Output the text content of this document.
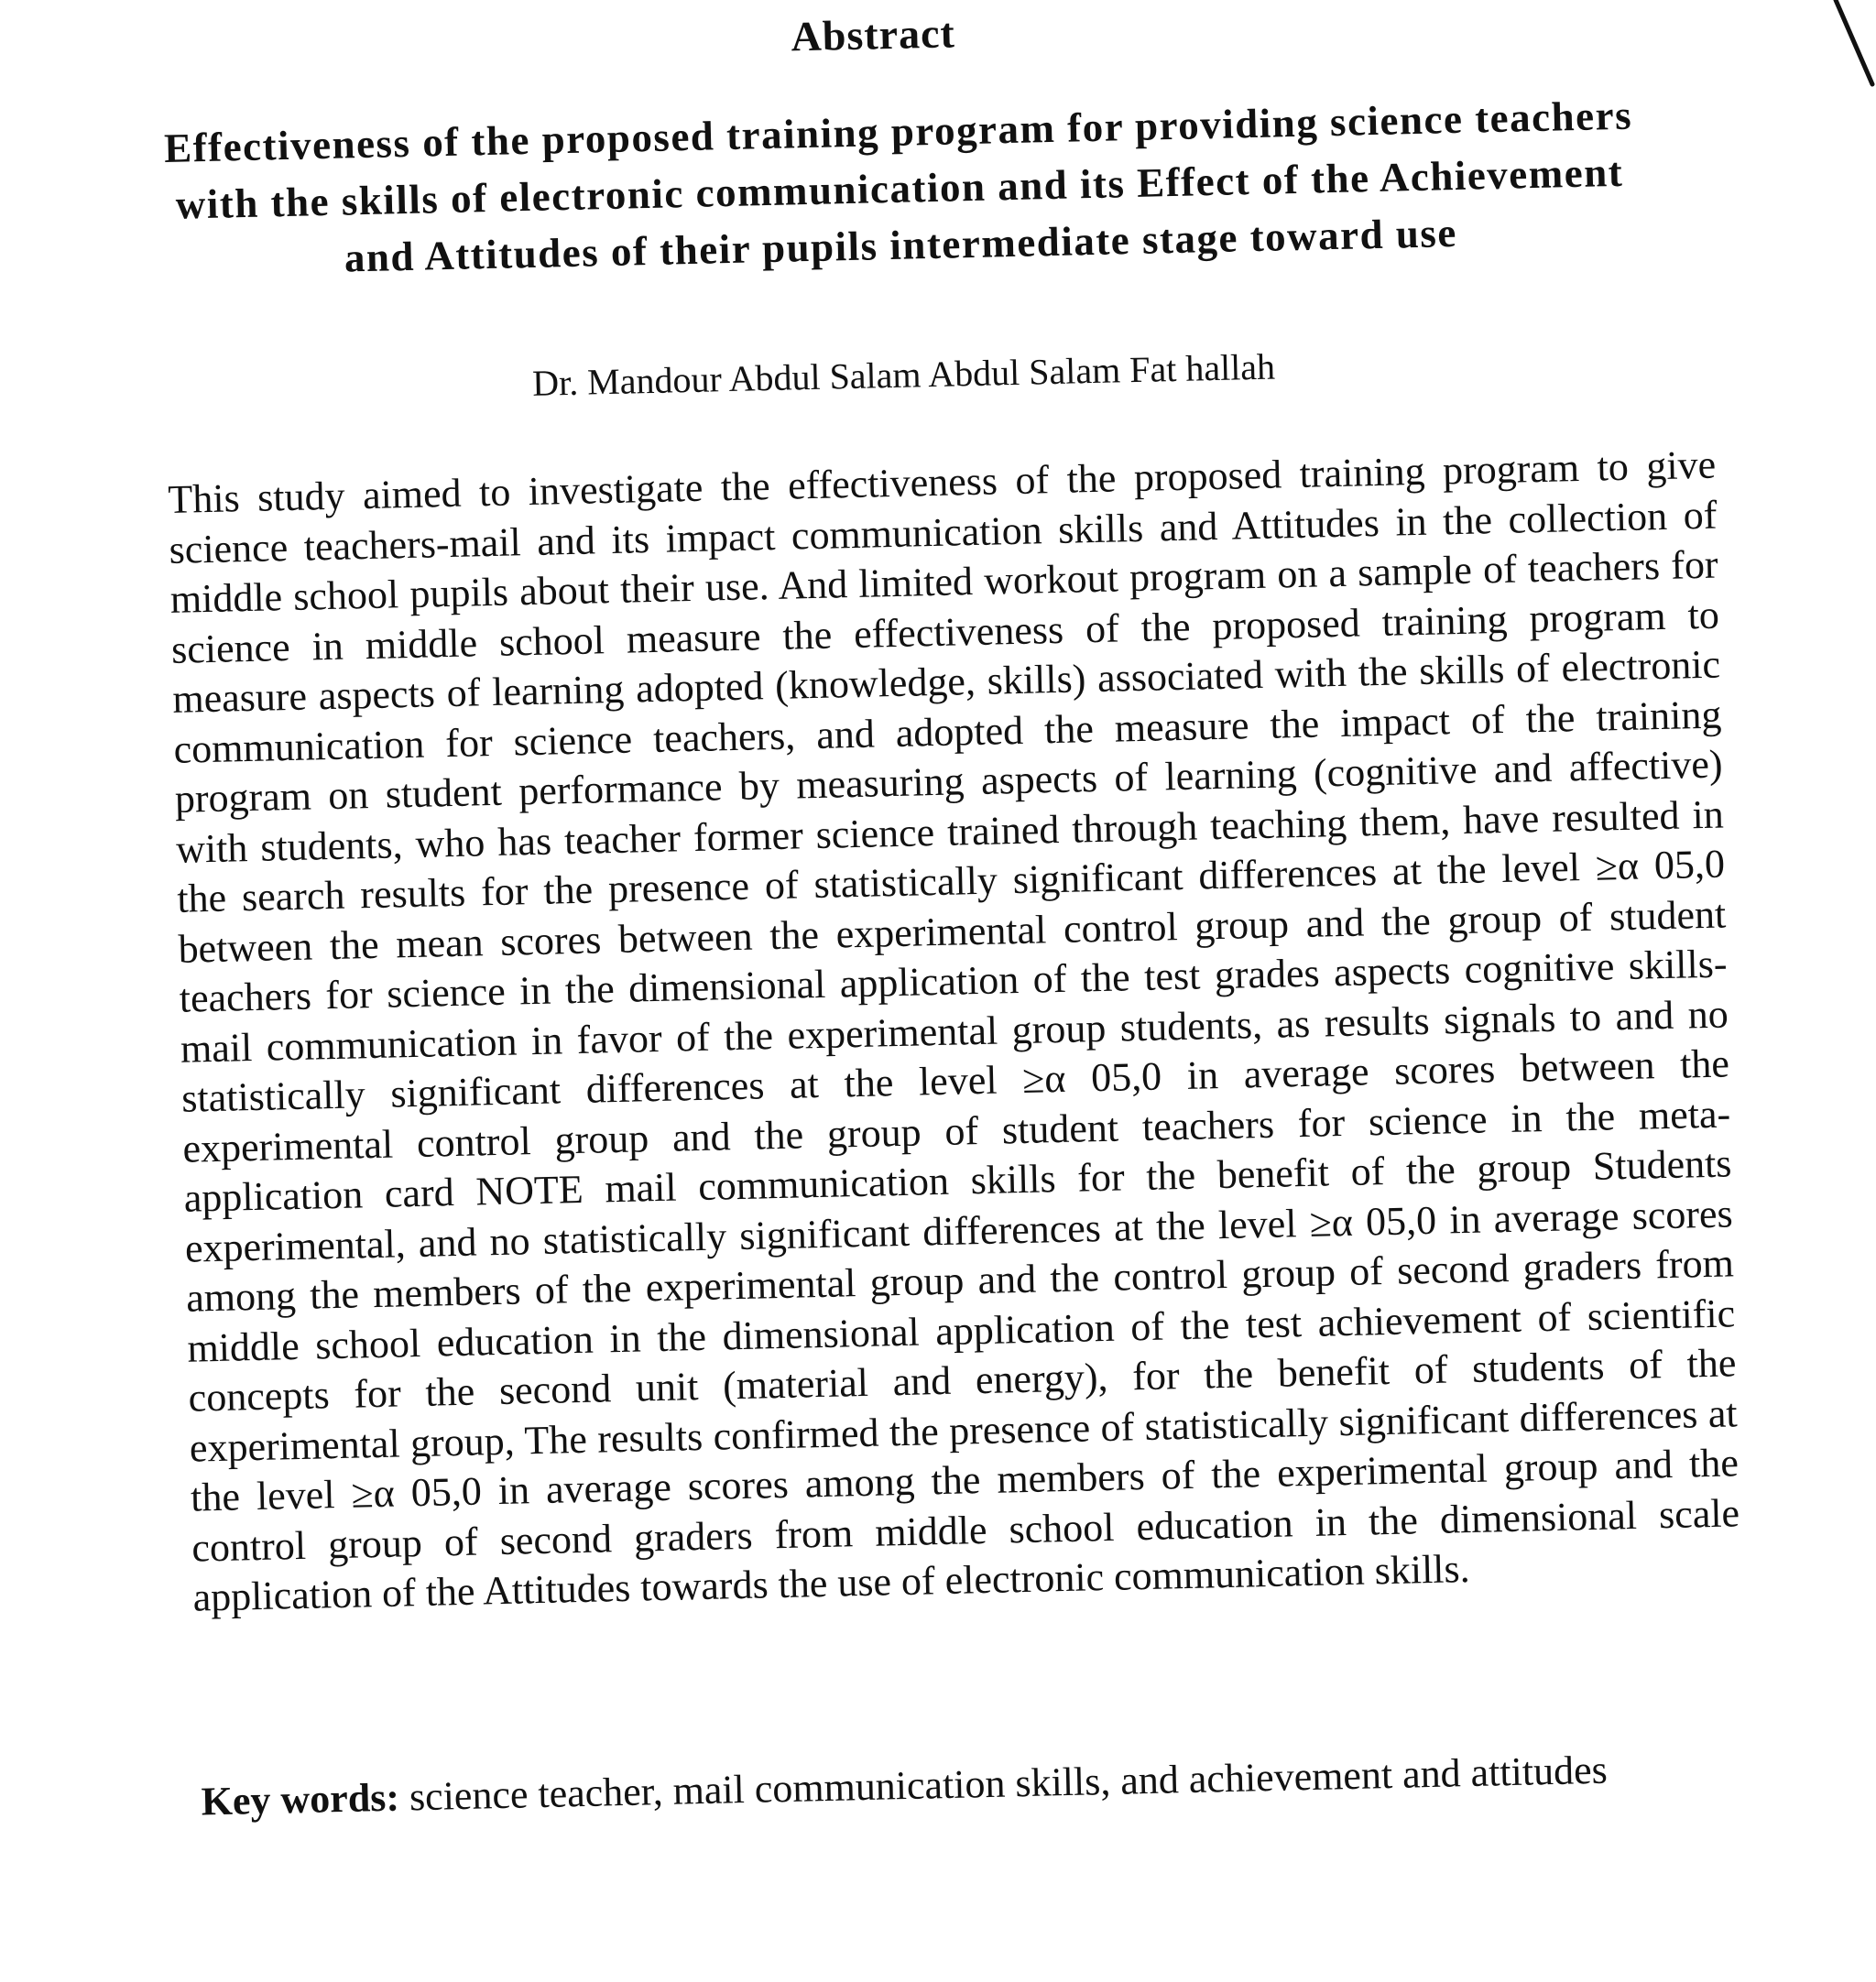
Abstract
Effectiveness of the proposed training program for providing science teachers with the skills of electronic communication and its Effect of the Achievement and Attitudes of their pupils intermediate stage toward use
Dr. Mandour Abdul Salam Abdul Salam Fat hallah
This study aimed to investigate the effectiveness of the proposed training program to give science teachers-mail and its impact communication skills and Attitudes in the collection of middle school pupils about their use. And limited workout program on a sample of teachers for science in middle school measure the effectiveness of the proposed training program to measure aspects of learning adopted (knowledge, skills) associated with the skills of electronic communication for science teachers, and adopted the measure the impact of the training program on student performance by measuring aspects of learning (cognitive and affective) with students, who has teacher former science trained through teaching them, have resulted in the search results for the presence of statistically significant differences at the level ≥α 05,0 between the mean scores between the experimental control group and the group of student teachers for science in the dimensional application of the test grades aspects cognitive skills-mail communication in favor of the experimental group students, as results signals to and no statistically significant differences at the level ≥α 05,0 in average scores between the experimental control group and the group of student teachers for science in the meta-application card NOTE mail communication skills for the benefit of the group Students experimental, and no statistically significant differences at the level ≥α 05,0 in average scores among the members of the experimental group and the control group of second graders from middle school education in the dimensional application of the test achievement of scientific concepts for the second unit (material and energy), for the benefit of students of the experimental group, The results confirmed the presence of statistically significant differences at the level ≥α 05,0 in average scores among the members of the experimental group and the control group of second graders from middle school education in the dimensional scale application of the Attitudes towards the use of electronic communication skills.
Key words: science teacher, mail communication skills, and achievement and attitudes
